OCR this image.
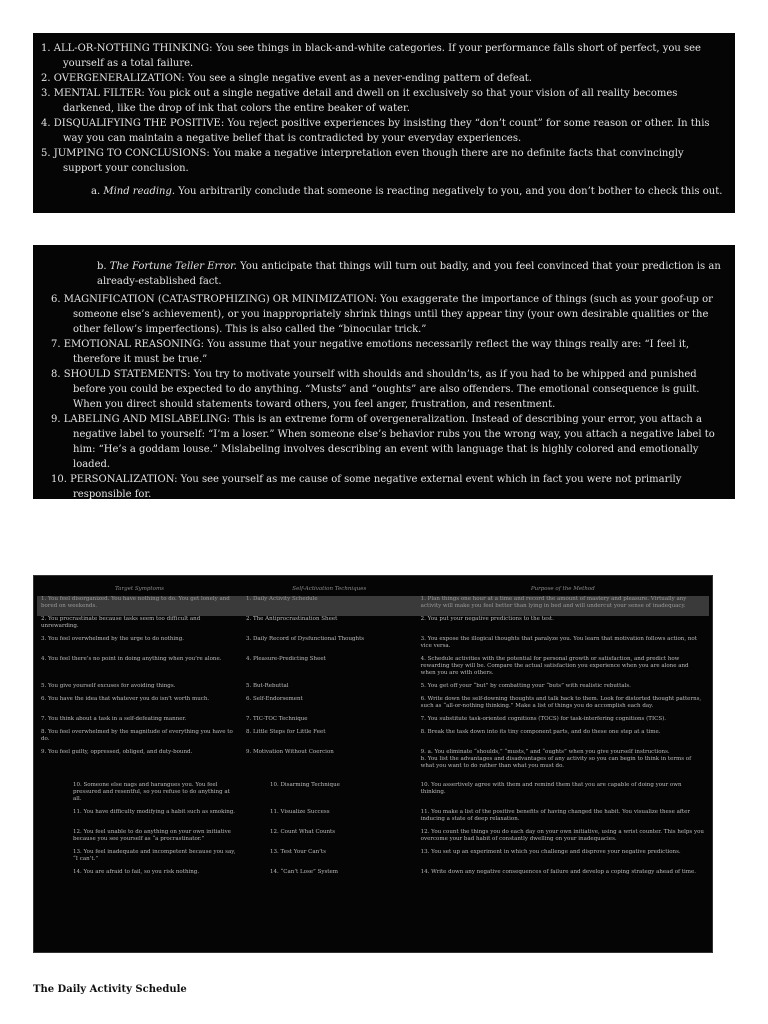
1. ALL-OR-NOTHING THINKING: You see things in black-and-white categories. If your performance falls short of perfect, you see yourself as a total failure.
2. OVERGENERALIZATION: You see a single negative event as a never-ending pattern of defeat.
3. MENTAL FILTER: You pick out a single negative detail and dwell on it exclusively so that your vision of all reality becomes darkened, like the drop of ink that colors the entire beaker of water.
4. DISQUALIFYING THE POSITIVE: You reject positive experiences by insisting they “don’t count” for some reason or other. In this way you can maintain a negative belief that is contradicted by your everyday experiences.
5. JUMPING TO CONCLUSIONS: You make a negative interpretation even though there are no definite facts that convincingly support your conclusion.
a. Mind reading. You arbitrarily conclude that someone is reacting negatively to you, and you don’t bother to check this out.
b. The Fortune Teller Error. You anticipate that things will turn out badly, and you feel convinced that your prediction is an already-established fact.
6. MAGNIFICATION (CATASTROPHIZING) OR MINIMIZATION: You exaggerate the importance of things (such as your goof-up or someone else’s achievement), or you inappropriately shrink things until they appear tiny (your own desirable qualities or the other fellow’s imperfections). This is also called the “binocular trick.”
7. EMOTIONAL REASONING: You assume that your negative emotions necessarily reflect the way things really are: “I feel it, therefore it must be true.”
8. SHOULD STATEMENTS: You try to motivate yourself with shoulds and shouldn’ts, as if you had to be whipped and punished before you could be expected to do anything. “Musts” and “oughts” are also offenders. The emotional consequence is guilt. When you direct should statements toward others, you feel anger, frustration, and resentment.
9. LABELING AND MISLABELING: This is an extreme form of overgeneralization. Instead of describing your error, you attach a negative label to yourself: “I’m a loser.” When someone else’s behavior rubs you the wrong way, you attach a negative label to him: “He’s a goddam louse.” Mislabeling involves describing an event with language that is highly colored and emotionally loaded.
10. PERSONALIZATION: You see yourself as me cause of some negative external event which in fact you were not primarily responsible for.
Target Symptoms	Self-Activation Techniques	Purpose of the Method
1. You feel disorganized. You have nothing to do. You get lonely and bored on weekends.	1. Daily Activity Schedule	1. Plan things one hour at a time and record the amount of mastery and pleasure. Virtually any activity will make you feel better than lying in bed and will undercut your sense of inadequacy.
2. You procrastinate because tasks seem too difficult and unrewarding.	2. The Antiprocrastination Sheet	2. You put your negative predictions to the test.
3. You feel overwhelmed by the urge to do nothing.	3. Daily Record of Dysfunctional Thoughts	3. You expose the illogical thoughts that paralyze you. You learn that motivation follows action, not vice versa.
4. You feel there’s no point in doing anything when you’re alone.	4. Pleasure-Predicting Sheet	4. Schedule activities with the potential for personal growth or satisfaction, and predict how rewarding they will be. Compare the actual satisfaction you experience when you are alone and when you are with others.
5. You give yourself excuses for avoiding things.	5. But-Rebuttal	5. You get off your “but” by combatting your “buts” with realistic rebuttals.
6. You have the idea that whatever you do isn’t worth much.	6. Self-Endorsement	6. Write down the self-downing thoughts and talk back to them. Look for distorted thought patterns, such as “all-or-nothing thinking.” Make a list of things you do accomplish each day.
7. You think about a task in a self-defeating manner.	7. TIC-TOC Technique	7. You substitute task-oriented cognitions (TOCS) for task-interfering cognitions (TICS).
8. You feel overwhelmed by the magnitude of everything you have to do.	8. Little Steps for Little Feet	8. Break the task down into its tiny component parts, and do these one step at a time.
9. You feel guilty, oppressed, obliged, and duty-bound.	9. Motivation Without Coercion	9. a. You eliminate “shoulds,” “musts,” and “oughts” when you give yourself instructions.
b. You list the advantages and disadvantages of any activity so you can begin to think in terms of what you want to do rather than what you must do.

10. Someone else nags and harangues you. You feel pressured and resentful, so you refuse to do anything at all.	10. Disarming Technique	10. You assertively agree with them and remind them that you are capable of doing your own thinking.
11. You have difficulty modifying a habit such as smoking.	11. Visualize Success	11. You make a list of the positive benefits of having changed the habit. You visualize these after inducing a state of deep relaxation.
12. You feel unable to do anything on your own initiative because you see yourself as “a procrastinator.”	12. Count What Counts	12. You count the things you do each day on your own initiative, using a wrist counter. This helps you overcome your bad habit of constantly dwelling on your inadequacies.
13. You feel inadequate and incompetent because you say, “I can’t.”	13. Test Your Can’ts	13. You set up an experiment in which you challenge and disprove your negative predictions.
14. You are afraid to fail, so you risk nothing.	14. “Can’t Lose” System	14. Write down any negative consequences of failure and develop a coping strategy ahead of time.
The Daily Activity Schedule
